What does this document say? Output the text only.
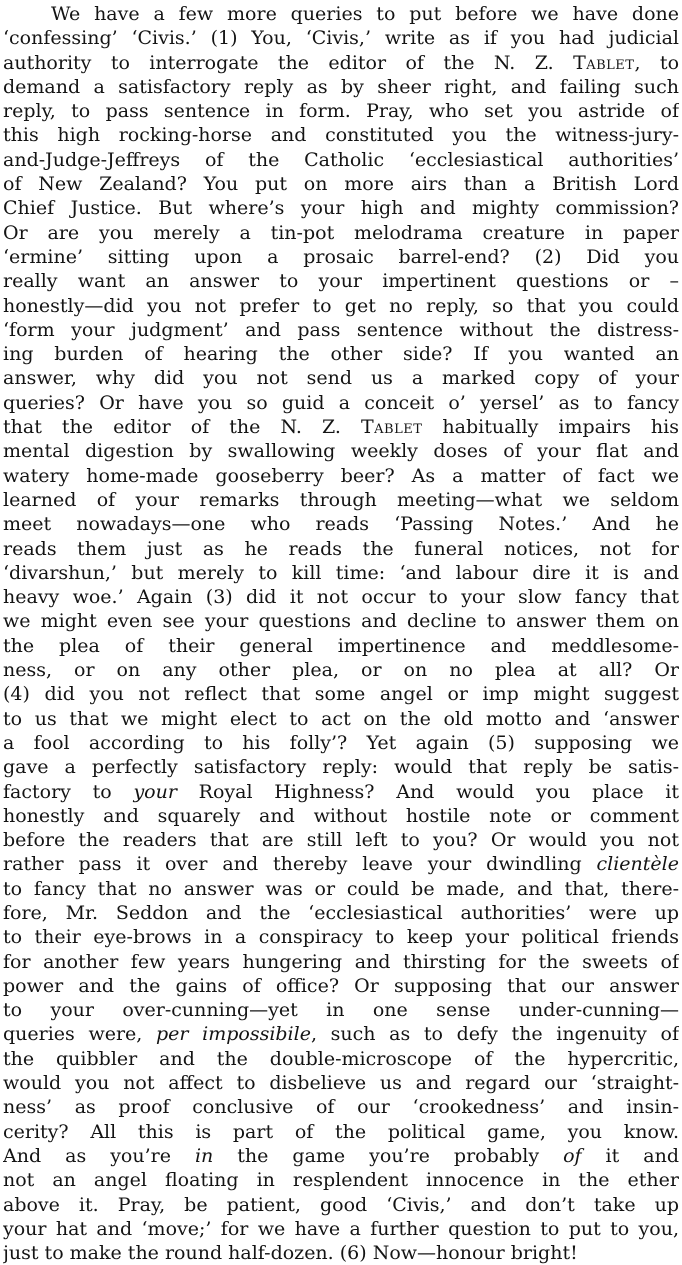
We have a few more queries to put before we have done
‘confessing’ ‘Civis.’ (1) You, ‘Civis,’ write as if you had judicial
authority to interrogate the editor of the N. Z. Tablet, to
demand a satisfactory reply as by sheer right, and failing such
reply, to pass sentence in form. Pray, who set you astride of
this high rocking-horse and constituted you the witness-jury-
and-Judge-Jeffreys of the Catholic ‘ecclesiastical authorities’
of New Zealand? You put on more airs than a British Lord
Chief Justice. But where’s your high and mighty commission?
Or are you merely a tin-pot melodrama creature in paper
‘ermine’ sitting upon a prosaic barrel-end? (2) Did you
really want an answer to your impertinent questions or –
honestly—did you not prefer to get no reply, so that you could
‘form your judgment’ and pass sentence without the distress-
ing burden of hearing the other side? If you wanted an
answer, why did you not send us a marked copy of your
queries? Or have you so guid a conceit o’ yersel’ as to fancy
that the editor of the N. Z. Tablet habitually impairs his
mental digestion by swallowing weekly doses of your flat and
watery home-made gooseberry beer? As a matter of fact we
learned of your remarks through meeting—what we seldom
meet nowadays—one who reads ‘Passing Notes.’ And he
reads them just as he reads the funeral notices, not for
‘divarshun,’ but merely to kill time: ‘and labour dire it is and
heavy woe.’ Again (3) did it not occur to your slow fancy that
we might even see your questions and decline to answer them on
the plea of their general impertinence and meddlesome-
ness, or on any other plea, or on no plea at all? Or
(4) did you not reflect that some angel or imp might suggest
to us that we might elect to act on the old motto and ‘answer
a fool according to his folly’? Yet again (5) supposing we
gave a perfectly satisfactory reply: would that reply be satis-
factory to your Royal Highness? And would you place it
honestly and squarely and without hostile note or comment
before the readers that are still left to you? Or would you not
rather pass it over and thereby leave your dwindling clientèle
to fancy that no answer was or could be made, and that, there-
fore, Mr. Seddon and the ‘ecclesiastical authorities’ were up
to their eye-brows in a conspiracy to keep your political friends
for another few years hungering and thirsting for the sweets of
power and the gains of office? Or supposing that our answer
to your over-cunning—yet in one sense under-cunning—
queries were, per impossibile, such as to defy the ingenuity of
the quibbler and the double-microscope of the hypercritic,
would you not affect to disbelieve us and regard our ‘straight-
ness’ as proof conclusive of our ‘crookedness’ and insin-
cerity? All this is part of the political game, you know.
And as you’re in the game you’re probably of it and
not an angel floating in resplendent innocence in the ether
above it. Pray, be patient, good ‘Civis,’ and don’t take up
your hat and ‘move;’ for we have a further question to put to you,
just to make the round half-dozen. (6) Now—honour bright!
